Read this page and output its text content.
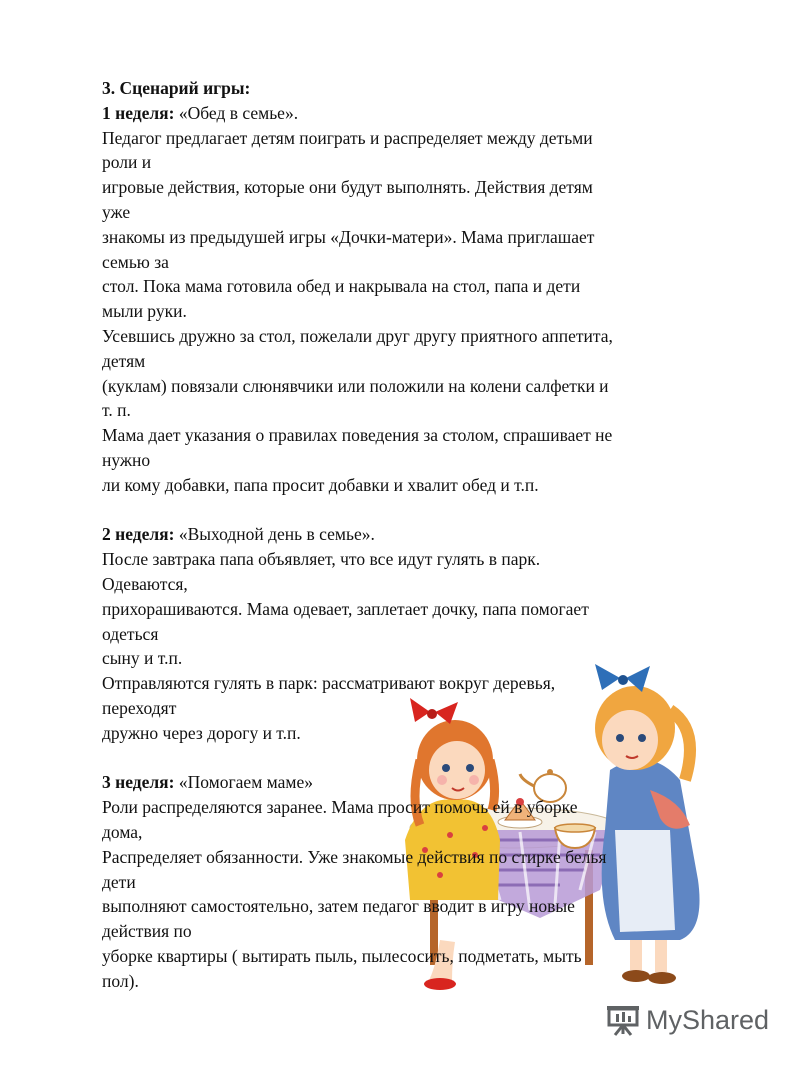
3. Сценарий игры:
1 неделя: «Обед в семье».
Педагог предлагает детям поиграть и распределяет между детьми
роли и
игровые действия, которые они будут выполнять. Действия детям
уже
знакомы из предыдушей игры «Дочки-матери». Мама приглашает
семью за
стол. Пока мама готовила обед и накрывала на стол, папа и дети
мыли руки.
Усевшись дружно за стол, пожелали друг другу приятного аппетита,
детям
(куклам) повязали слюнявчики или положили на колени салфетки и
т. п.
Мама дает указания о правилах поведения за столом, спрашивает не
нужно
ли кому добавки, папа просит добавки и хвалит обед и т.п.
2 неделя: «Выходной день в семье».
После завтрака папа объявляет, что все идут гулять в парк.
Одеваются,
прихорашиваются. Мама одевает, заплетает дочку, папа помогает
одеться
сыну и т.п.
Отправляются гулять в парк: рассматривают вокруг деревья,
переходят
дружно через дорогу и т.п.
3 неделя: «Помогаем маме»
Роли распределяются заранее. Мама просит помочь ей в уборке
дома,
Распределяет обязанности. Уже знакомые действия по стирке белья
дети
выполняют самостоятельно, затем педагог вводит в игру новые
действия по
уборке квартиры ( вытирать пыль, пылесосить, подметать, мыть
пол).
MyShared
